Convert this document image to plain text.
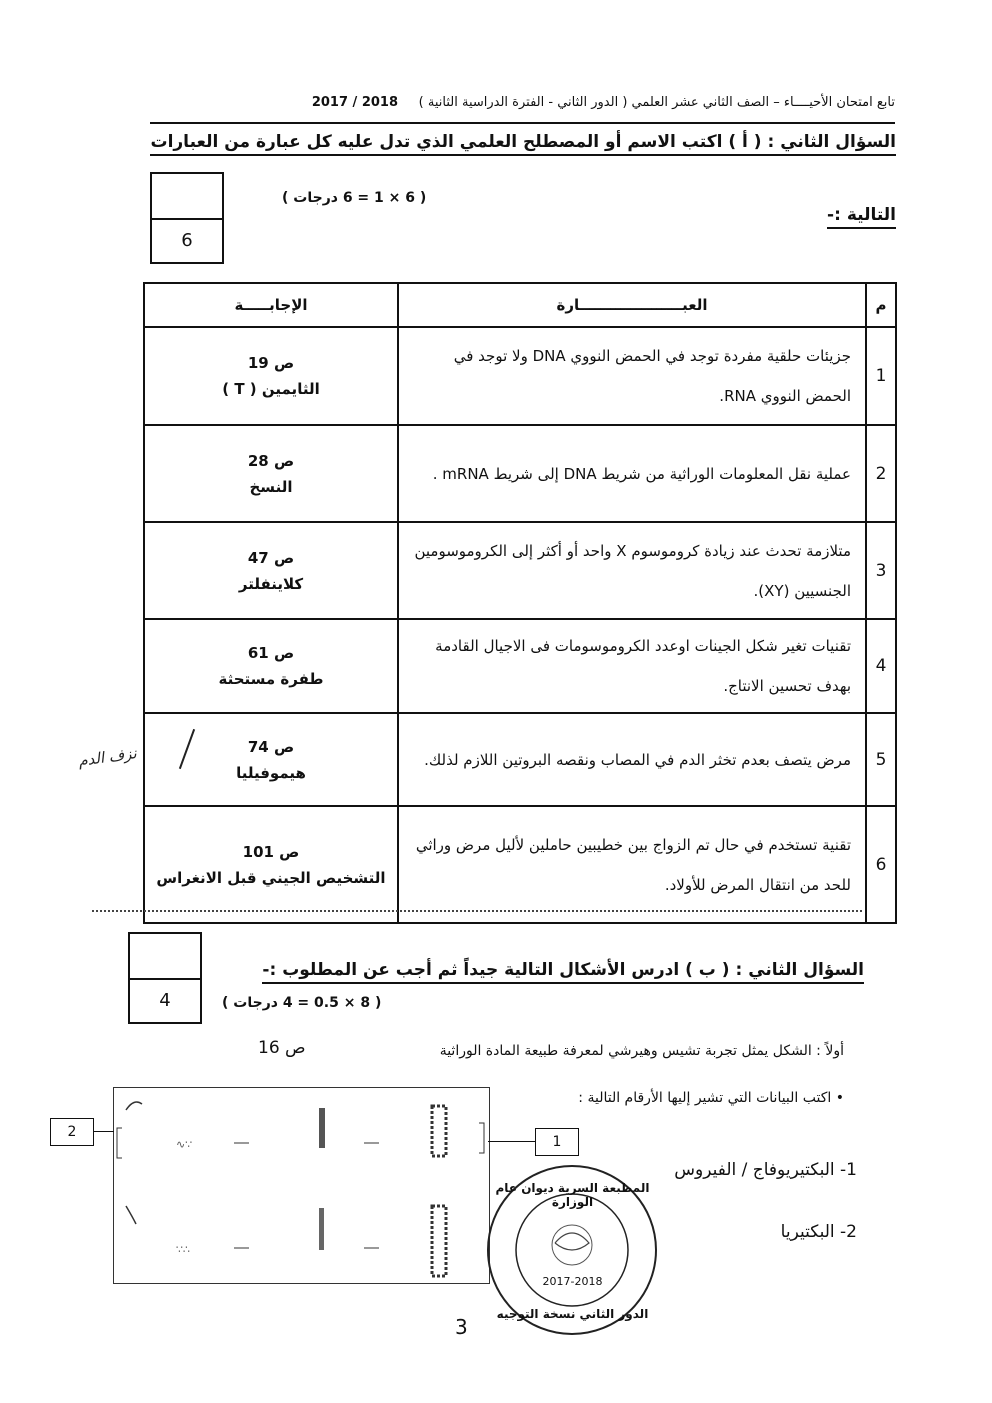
تابع امتحان الأحيــــاء – الصف الثاني عشر العلمي ( الدور الثاني - الفترة الدراسية الثانية )     2018 / 2017
السؤال الثاني : ( أ ) اكتب الاسم أو المصطلح العلمي الذي تدل عليه كل عبارة من العبارات
التالية :-
( 6 × 1 = 6 درجات )
6
م	العبــــــــــــــــــــارة	الإجابـــــة
1	جزيئات حلقية مفردة توجد في الحمض النووي DNA ولا توجد في الحمض النووي RNA.	ص 19
الثايمين ( T )

2	عملية نقل المعلومات الوراثية من شريط DNA إلى شريط mRNA .	ص 28
النسخ

3	متلازمة تحدث عند زيادة كروموسوم X واحد أو أكثر إلى الكروموسومين الجنسيين (XY).	ص 47
كلاينفلتر

4	تقنيات تغير شكل الجينات اوعدد الكروموسومات فى الاجيال القادمة بهدف تحسين الانتاج.	ص 61
طفرة مستحثة

5	مرض يتصف بعدم تخثر الدم في المصاب ونقصه البروتين اللازم لذلك.	ص 74
هيموفيليا

6	تقنية تستخدم في حال تم الزواج بين خطيبين حاملين لأليل مرض وراثي للحد من انتقال المرض للأولاد.	ص 101
التشخيص الجيني قبل الانغراس
نزف الدم
4
السؤال الثاني : ( ب ) ادرس الأشكال التالية جيداً ثم أجب عن المطلوب :-
( 8 × 0.5 = 4 درجات )
أولاً : الشكل يمثل تجربة تشيس وهيرشي لمعرفة طبيعة المادة الوراثية
ص 16
• اكتب البيانات التي تشير إليها الأرقام التالية :
1- البكتيريوفاج / الفيروس
2- البكتيريا
∿∵
∵∴
2
1
المطبعة السرية ديوان عام الوزارة
2017-2018
الدور الثاني نسخة التوجيه
3
